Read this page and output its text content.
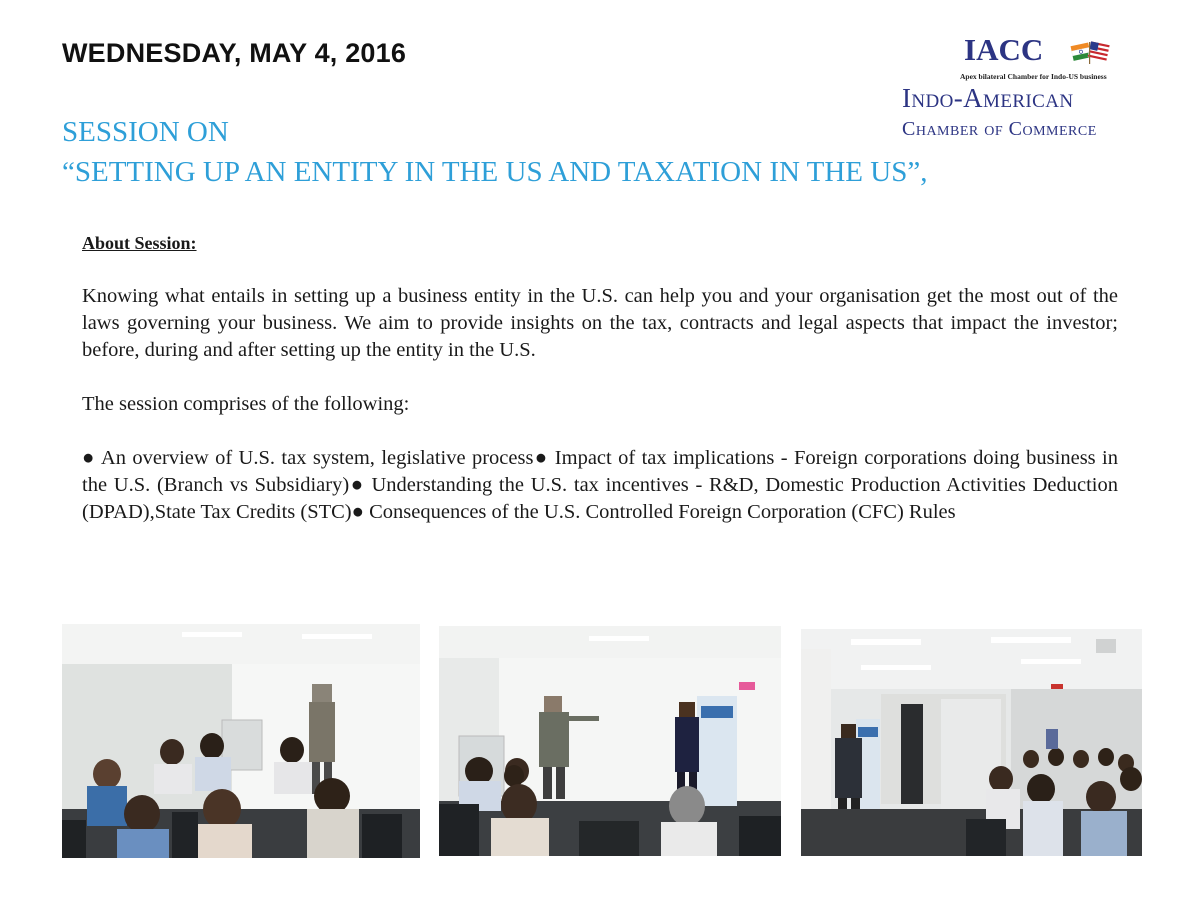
WEDNESDAY, MAY 4, 2016	IACC
Apex bilateral Chamber for Indo-US business
Indo-American
Chamber of Commerce
SESSION ON
“SETTING UP AN ENTITY IN THE US AND TAXATION IN THE US”,
About Session:

Knowing what entails in setting up a business entity in the U.S. can help you and your organisation get the most out of the laws governing your business. We aim to provide insights on the tax, contracts and legal aspects that impact the investor; before, during and after setting up the entity in the U.S.

The session comprises of the following:

● An overview of U.S. tax system, legislative process● Impact of tax implications - Foreign corporations doing business in the U.S. (Branch vs Subsidiary)● Understanding the U.S. tax incentives - R&D, Domestic Production Activities Deduction (DPAD),State Tax Credits (STC)● Consequences of the U.S. Controlled Foreign Corporation (CFC) Rules
